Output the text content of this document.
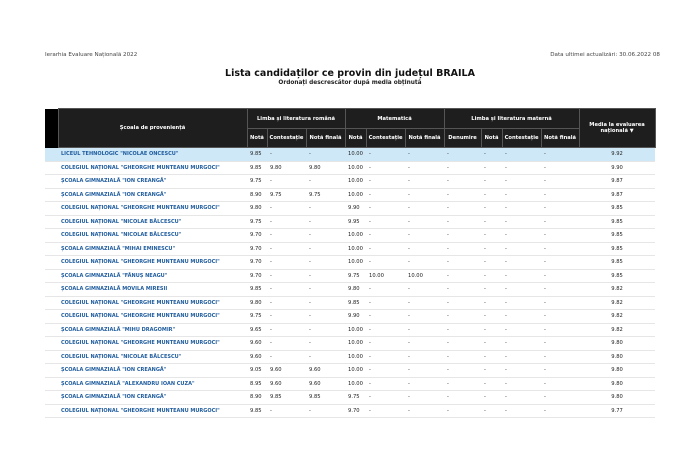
Ierarhia Evaluare Națională 2022	Data ultimei actualizări: 30.06.2022 08
Lista candidaților ce provin din județul BRAILA
Ordonați descrescător după media obținută
	Școala de proveniență	Limba și literatura română			Matematică			Limba și literatura maternă				Media la evaluarea națională ▼
		Notă	Contestație	Notă finală	Notă	Contestație	Notă finală	Denumire	Notă	Contestație	Notă finală	
	LICEUL TEHNOLOGIC "NICOLAE ONCESCU"	9.85	-	-	10.00	-	-	-	-	-	-	9.92
	COLEGIUL NAȚIONAL "GHEORGHE MUNTEANU MURGOCI"	9.85	9.80	9.80	10.00	-	-	-	-	-	-	9.90
	ȘCOALA GIMNAZIALĂ "ION CREANGĂ"	9.75	-	-	10.00	-	-	-	-	-	-	9.87
	ȘCOALA GIMNAZIALĂ "ION CREANGĂ"	8.90	9.75	9.75	10.00	-	-	-	-	-	-	9.87
	COLEGIUL NAȚIONAL "GHEORGHE MUNTEANU MURGOCI"	9.80	-	-	9.90	-	-	-	-	-	-	9.85
	COLEGIUL NAȚIONAL "NICOLAE BĂLCESCU"	9.75	-	-	9.95	-	-	-	-	-	-	9.85
	COLEGIUL NAȚIONAL "NICOLAE BĂLCESCU"	9.70	-	-	10.00	-	-	-	-	-	-	9.85
	ȘCOALA GIMNAZIALĂ "MIHAI EMINESCU"	9.70	-	-	10.00	-	-	-	-	-	-	9.85
	COLEGIUL NAȚIONAL "GHEORGHE MUNTEANU MURGOCI"	9.70	-	-	10.00	-	-	-	-	-	-	9.85
	ȘCOALA GIMNAZIALĂ "FĂNUȘ NEAGU"	9.70	-	-	9.75	10.00	10.00	-	-	-	-	9.85
	ȘCOALA GIMNAZIALĂ MOVILA MIRESII	9.85	-	-	9.80	-	-	-	-	-	-	9.82
	COLEGIUL NAȚIONAL "GHEORGHE MUNTEANU MURGOCI"	9.80	-	-	9.85	-	-	-	-	-	-	9.82
	COLEGIUL NAȚIONAL "GHEORGHE MUNTEANU MURGOCI"	9.75	-	-	9.90	-	-	-	-	-	-	9.82
	ȘCOALA GIMNAZIALĂ "MIHU DRAGOMIR"	9.65	-	-	10.00	-	-	-	-	-	-	9.82
	COLEGIUL NAȚIONAL "GHEORGHE MUNTEANU MURGOCI"	9.60	-	-	10.00	-	-	-	-	-	-	9.80
	COLEGIUL NAȚIONAL "NICOLAE BĂLCESCU"	9.60	-	-	10.00	-	-	-	-	-	-	9.80
	ȘCOALA GIMNAZIALĂ "ION CREANGĂ"	9.05	9.60	9.60	10.00	-	-	-	-	-	-	9.80
	ȘCOALA GIMNAZIALĂ "ALEXANDRU IOAN CUZA"	8.95	9.60	9.60	10.00	-	-	-	-	-	-	9.80
	ȘCOALA GIMNAZIALĂ "ION CREANGĂ"	8.90	9.85	9.85	9.75	-	-	-	-	-	-	9.80
	COLEGIUL NAȚIONAL "GHEORGHE MUNTEANU MURGOCI"	9.85	-	-	9.70	-	-	-	-	-	-	9.77
